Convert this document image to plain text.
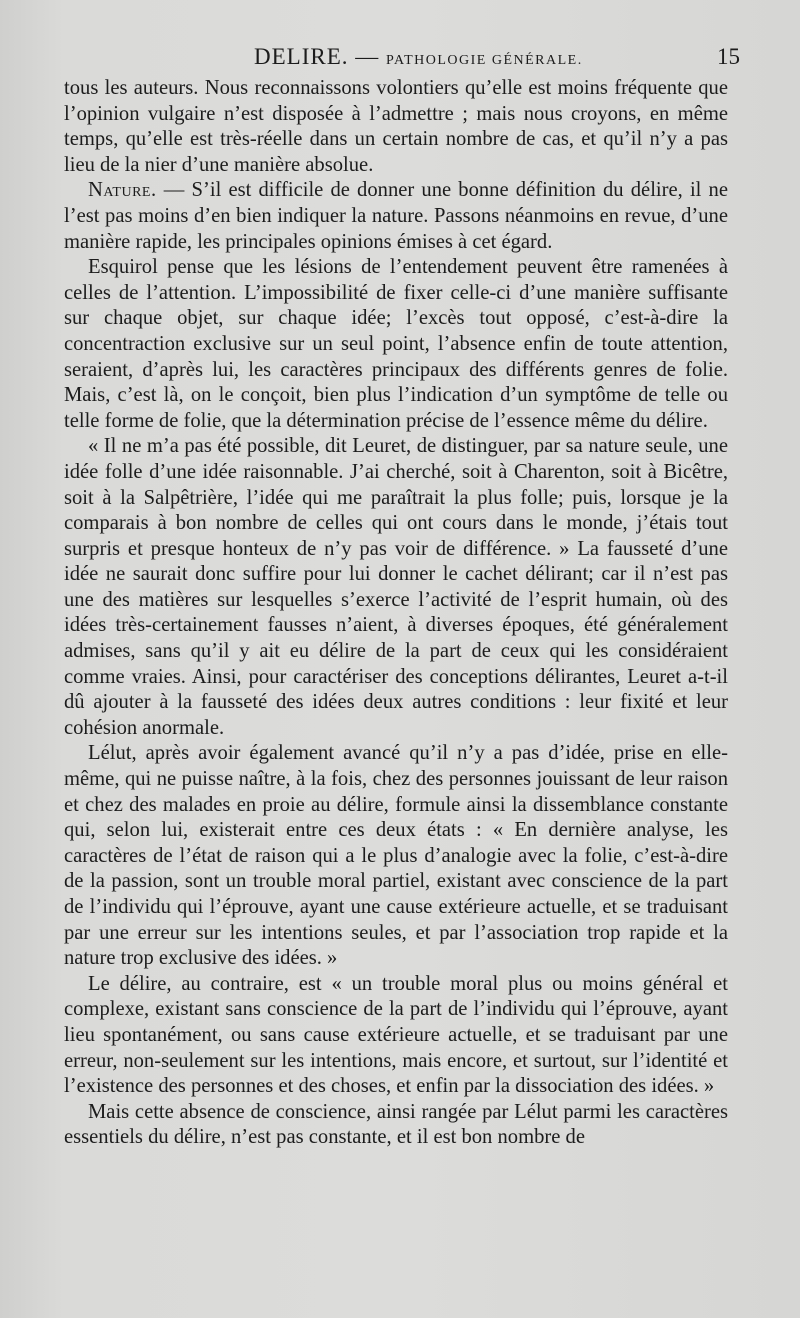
DELIRE. — PATHOLOGIE GÉNÉRALE.	15

tous les auteurs. Nous reconnaissons volontiers qu’elle est moins fréquente que l’opinion vulgaire n’est disposée à l’admettre ; mais nous croyons, en même temps, qu’elle est très-réelle dans un certain nombre de cas, et qu’il n’y a pas lieu de la nier d’une manière absolue.

Nature. — S’il est difficile de donner une bonne définition du délire, il ne l’est pas moins d’en bien indiquer la nature. Passons néanmoins en revue, d’une manière rapide, les principales opinions émises à cet égard.

Esquirol pense que les lésions de l’entendement peuvent être ramenées à celles de l’attention. L’impossibilité de fixer celle-ci d’une manière suffisante sur chaque objet, sur chaque idée; l’excès tout opposé, c’est-à-dire la concentraction exclusive sur un seul point, l’absence enfin de toute attention, seraient, d’après lui, les caractères principaux des différents genres de folie. Mais, c’est là, on le conçoit, bien plus l’indication d’un symptôme de telle ou telle forme de folie, que la détermination précise de l’essence même du délire.

« Il ne m’a pas été possible, dit Leuret, de distinguer, par sa nature seule, une idée folle d’une idée raisonnable. J’ai cherché, soit à Charenton, soit à Bicêtre, soit à la Salpêtrière, l’idée qui me paraîtrait la plus folle; puis, lorsque je la comparais à bon nombre de celles qui ont cours dans le monde, j’étais tout surpris et presque honteux de n’y pas voir de différence. » La fausseté d’une idée ne saurait donc suffire pour lui donner le cachet délirant; car il n’est pas une des matières sur lesquelles s’exerce l’activité de l’esprit humain, où des idées très-certainement fausses n’aient, à diverses époques, été généralement admises, sans qu’il y ait eu délire de la part de ceux qui les considéraient comme vraies. Ainsi, pour caractériser des conceptions délirantes, Leuret a-t-il dû ajouter à la fausseté des idées deux autres conditions : leur fixité et leur cohésion anormale.

Lélut, après avoir également avancé qu’il n’y a pas d’idée, prise en elle-même, qui ne puisse naître, à la fois, chez des personnes jouissant de leur raison et chez des malades en proie au délire, formule ainsi la dissemblance constante qui, selon lui, existerait entre ces deux états : « En dernière analyse, les caractères de l’état de raison qui a le plus d’analogie avec la folie, c’est-à-dire de la passion, sont un trouble moral partiel, existant avec conscience de la part de l’individu qui l’éprouve, ayant une cause extérieure actuelle, et se traduisant par une erreur sur les intentions seules, et par l’association trop rapide et la nature trop exclusive des idées. »

Le délire, au contraire, est « un trouble moral plus ou moins général et complexe, existant sans conscience de la part de l’individu qui l’éprouve, ayant lieu spontanément, ou sans cause extérieure actuelle, et se traduisant par une erreur, non-seulement sur les intentions, mais encore, et surtout, sur l’identité et l’existence des personnes et des choses, et enfin par la dissociation des idées. »

Mais cette absence de conscience, ainsi rangée par Lélut parmi les caractères essentiels du délire, n’est pas constante, et il est bon nombre de
